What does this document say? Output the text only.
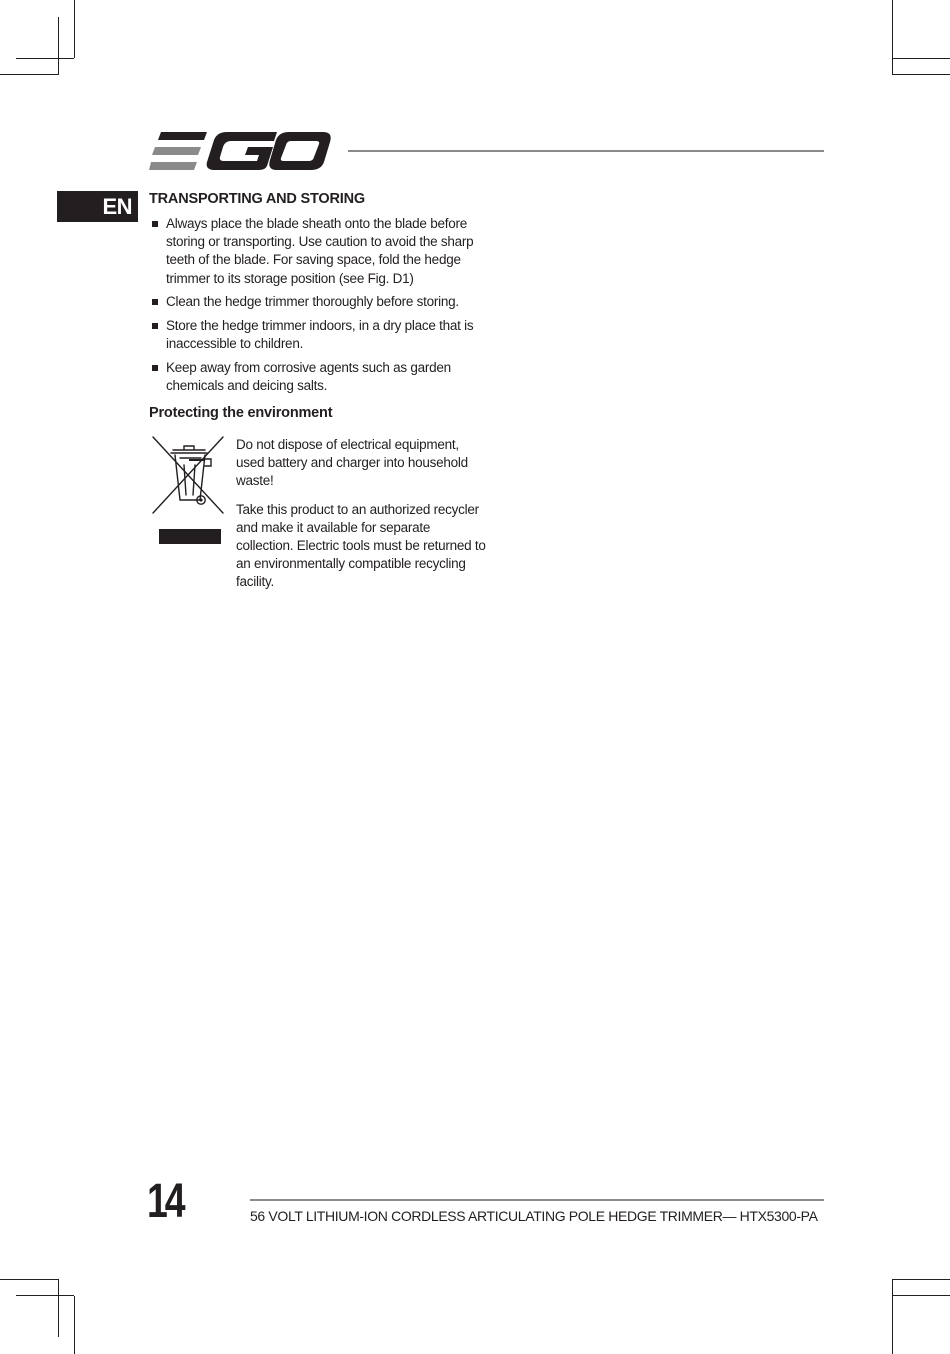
EN	TRANSPORTING AND STORING
Always place the blade sheath onto the blade before storing or transporting. Use caution to avoid the sharp teeth of the blade. For saving space, fold the hedge trimmer to its storage position (see Fig. D1)
Clean the hedge trimmer thoroughly before storing.
Store the hedge trimmer indoors, in a dry place that is inaccessible to children.
Keep away from corrosive agents such as garden chemicals and deicing salts.
Protecting the environment

Do not dispose of electrical equipment, used battery and charger into household waste!

Take this product to an authorized recycler and make it available for separate collection. Electric tools must be returned to an environmentally compatible recycling facility.

14	56 VOLT LITHIUM-ION CORDLESS ARTICULATING POLE HEDGE TRIMMER— HTX5300-PA
